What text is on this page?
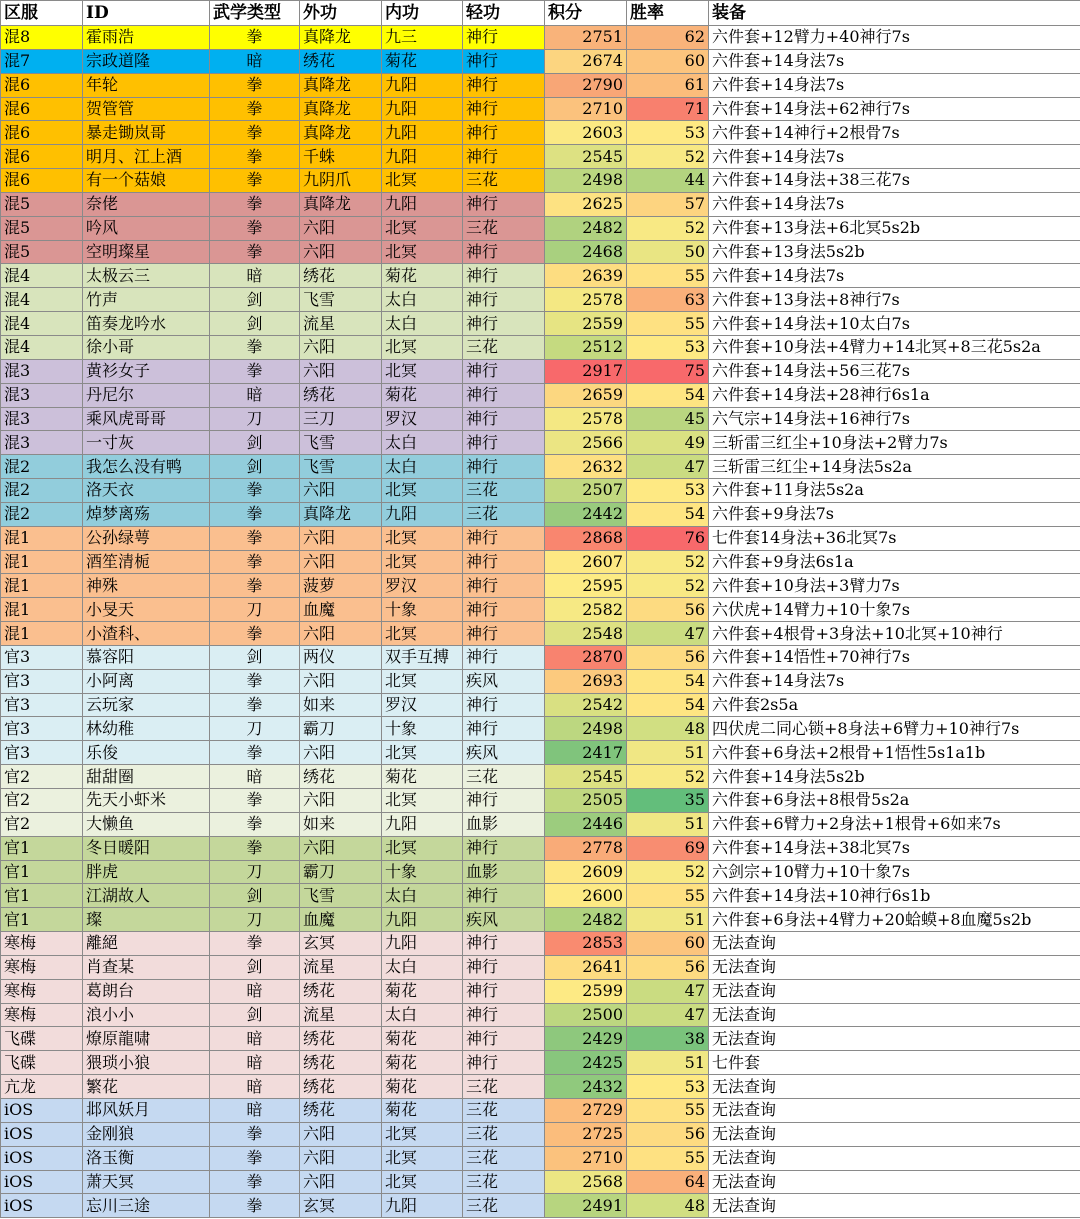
区服	ID	武学类型	外功	内功	轻功	积分	胜率	装备
混8	霍雨浩	拳	真降龙	九三	神行	2751	62	六件套+12臂力+40神行7s
混7	宗政道隆	暗	绣花	菊花	神行	2674	60	六件套+14身法7s
混6	年轮	拳	真降龙	九阳	神行	2790	61	六件套+14身法7s
混6	贺管管	拳	真降龙	九阳	神行	2710	71	六件套+14身法+62神行7s
混6	暴走锄岚哥	拳	真降龙	九阳	神行	2603	53	六件套+14神行+2根骨7s
混6	明月、江上酒	拳	千蛛	九阳	神行	2545	52	六件套+14身法7s
混6	有一个菇娘	拳	九阴爪	北冥	三花	2498	44	六件套+14身法+38三花7s
混5	奈佬	拳	真降龙	九阳	神行	2625	57	六件套+14身法7s
混5	吟风	拳	六阳	北冥	三花	2482	52	六件套+13身法+6北冥5s2b
混5	空明璨星	拳	六阳	北冥	神行	2468	50	六件套+13身法5s2b
混4	太极云三	暗	绣花	菊花	神行	2639	55	六件套+14身法7s
混4	竹声	剑	飞雪	太白	神行	2578	63	六件套+13身法+8神行7s
混4	笛奏龙吟水	剑	流星	太白	神行	2559	55	六件套+14身法+10太白7s
混4	徐小哥	拳	六阳	北冥	三花	2512	53	六件套+10身法+4臂力+14北冥+8三花5s2a
混3	黄衫女子	拳	六阳	北冥	神行	2917	75	六件套+14身法+56三花7s
混3	丹尼尔	暗	绣花	菊花	神行	2659	54	六件套+14身法+28神行6s1a
混3	乘风虎哥哥	刀	三刀	罗汉	神行	2578	45	六气宗+14身法+16神行7s
混3	一寸灰	剑	飞雪	太白	神行	2566	49	三斩雷三红尘+10身法+2臂力7s
混2	我怎么没有鸭	剑	飞雪	太白	神行	2632	47	三斩雷三红尘+14身法5s2a
混2	洛天衣	拳	六阳	北冥	三花	2507	53	六件套+11身法5s2a
混2	焯梦离殇	拳	真降龙	九阳	三花	2442	54	六件套+9身法7s
混1	公孙绿萼	拳	六阳	北冥	神行	2868	76	七件套14身法+36北冥7s
混1	酒笙清栀	拳	六阳	北冥	神行	2607	52	六件套+9身法6s1a
混1	神殊	拳	菠萝	罗汉	神行	2595	52	六件套+10身法+3臂力7s
混1	小旻天	刀	血魔	十象	神行	2582	56	六伏虎+14臂力+10十象7s
混1	小渣科、	拳	六阳	北冥	神行	2548	47	六件套+4根骨+3身法+10北冥+10神行
官3	慕容阳	剑	两仪	双手互搏	神行	2870	56	六件套+14悟性+70神行7s
官3	小阿离	拳	六阳	北冥	疾风	2693	54	六件套+14身法7s
官3	云玩家	拳	如来	罗汉	神行	2542	54	六件套2s5a
官3	林幼稚	刀	霸刀	十象	神行	2498	48	四伏虎二同心锁+8身法+6臂力+10神行7s
官3	乐俊	拳	六阳	北冥	疾风	2417	51	六件套+6身法+2根骨+1悟性5s1a1b
官2	甜甜圈	暗	绣花	菊花	三花	2545	52	六件套+14身法5s2b
官2	先天小虾米	拳	六阳	北冥	神行	2505	35	六件套+6身法+8根骨5s2a
官2	大懒鱼	拳	如来	九阳	血影	2446	51	六件套+6臂力+2身法+1根骨+6如来7s
官1	冬日暖阳	拳	六阳	北冥	神行	2778	69	六件套+14身法+38北冥7s
官1	胖虎	刀	霸刀	十象	血影	2609	52	六剑宗+10臂力+10十象7s
官1	江湖故人	剑	飞雪	太白	神行	2600	55	六件套+14身法+10神行6s1b
官1	璨	刀	血魔	九阳	疾风	2482	51	六件套+6身法+4臂力+20蛤蟆+8血魔5s2b
寒梅	離絕	拳	玄冥	九阳	神行	2853	60	无法查询
寒梅	肖查某	剑	流星	太白	神行	2641	56	无法查询
寒梅	葛朗台	暗	绣花	菊花	神行	2599	47	无法查询
寒梅	浪小小	剑	流星	太白	神行	2500	47	无法查询
飞碟	燎原龍啸	暗	绣花	菊花	神行	2429	38	无法查询
飞碟	猥琐小狼	暗	绣花	菊花	神行	2425	51	七件套
亢龙	繁花	暗	绣花	菊花	三花	2432	53	无法查询
iOS	邶风妖月	暗	绣花	菊花	三花	2729	55	无法查询
iOS	金刚狼	拳	六阳	北冥	三花	2725	56	无法查询
iOS	洛玉衡	拳	六阳	北冥	三花	2710	55	无法查询
iOS	萧天冥	拳	六阳	北冥	三花	2568	64	无法查询
iOS	忘川三途	拳	玄冥	九阳	三花	2491	48	无法查询
